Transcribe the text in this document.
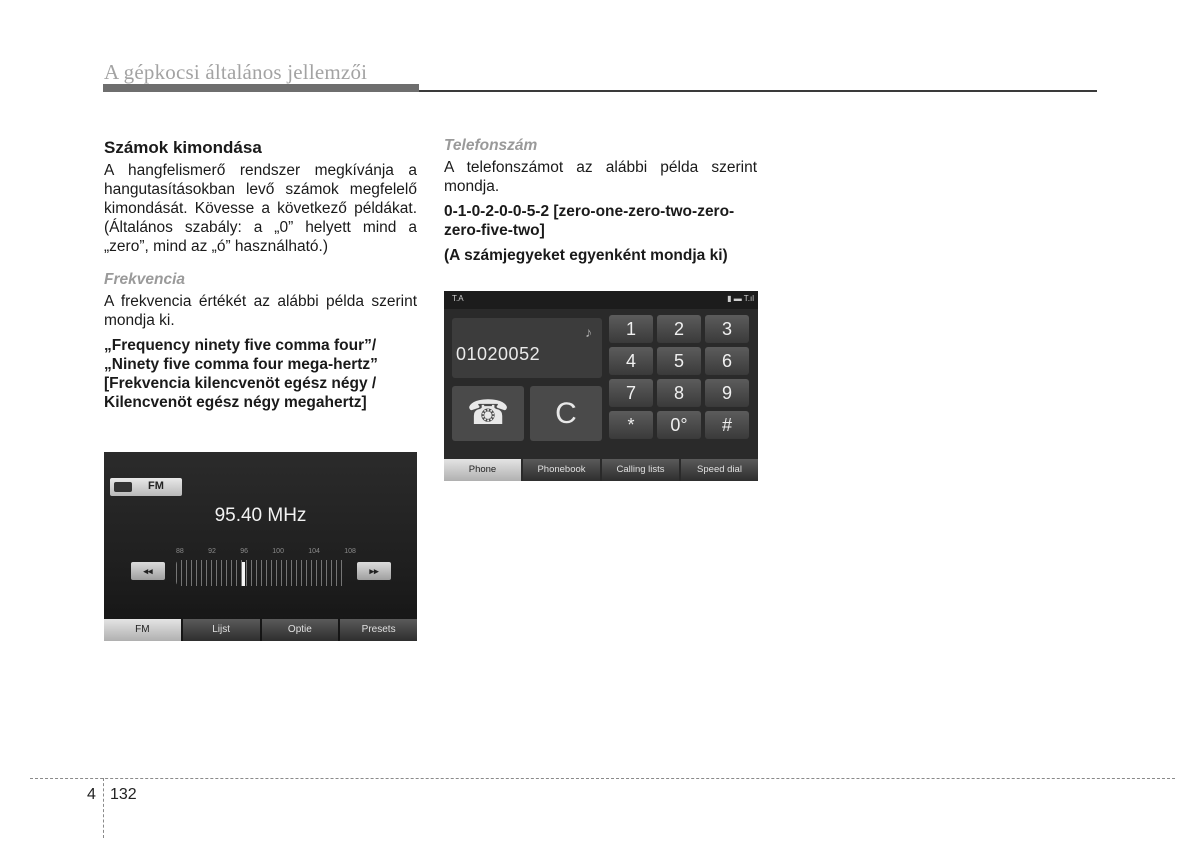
A gépkocsi általános jellemzői

Számok kimondása

A hangfelismerő rendszer megkívánja a hangutasításokban levő számok megfelelő kimondását. Kövesse a következő példákat. (Általános szabály: a „0” helyett mind a „zero”, mind az „ó” használható.)

Frekvencia

A frekvencia értékét az alábbi példa szerint mondja ki.

„Frequency ninety five comma four”/

„Ninety five comma four mega-hertz”

[Frekvencia kilencvenöt egész négy /

Kilencvenöt egész négy megahertz]

Telefonszám

A telefonszámot az alábbi példa szerint mondja.

0-1-0-2-0-0-5-2 [zero-one-zero-two-zero-zero-five-two]

(A számjegyeket egyenként mondja ki)

FM
95.40 MHz
88	92	96	100	104	108
◂◂	▸▸
FM	Lijst	Optie	Presets
T.A	▮ ▬ T.ıl
♪
01020052
☎	C
1	2	3
4	5	6
7	8	9
*	0°	#
Phone	Phonebook	Calling lists	Speed dial
4 132
